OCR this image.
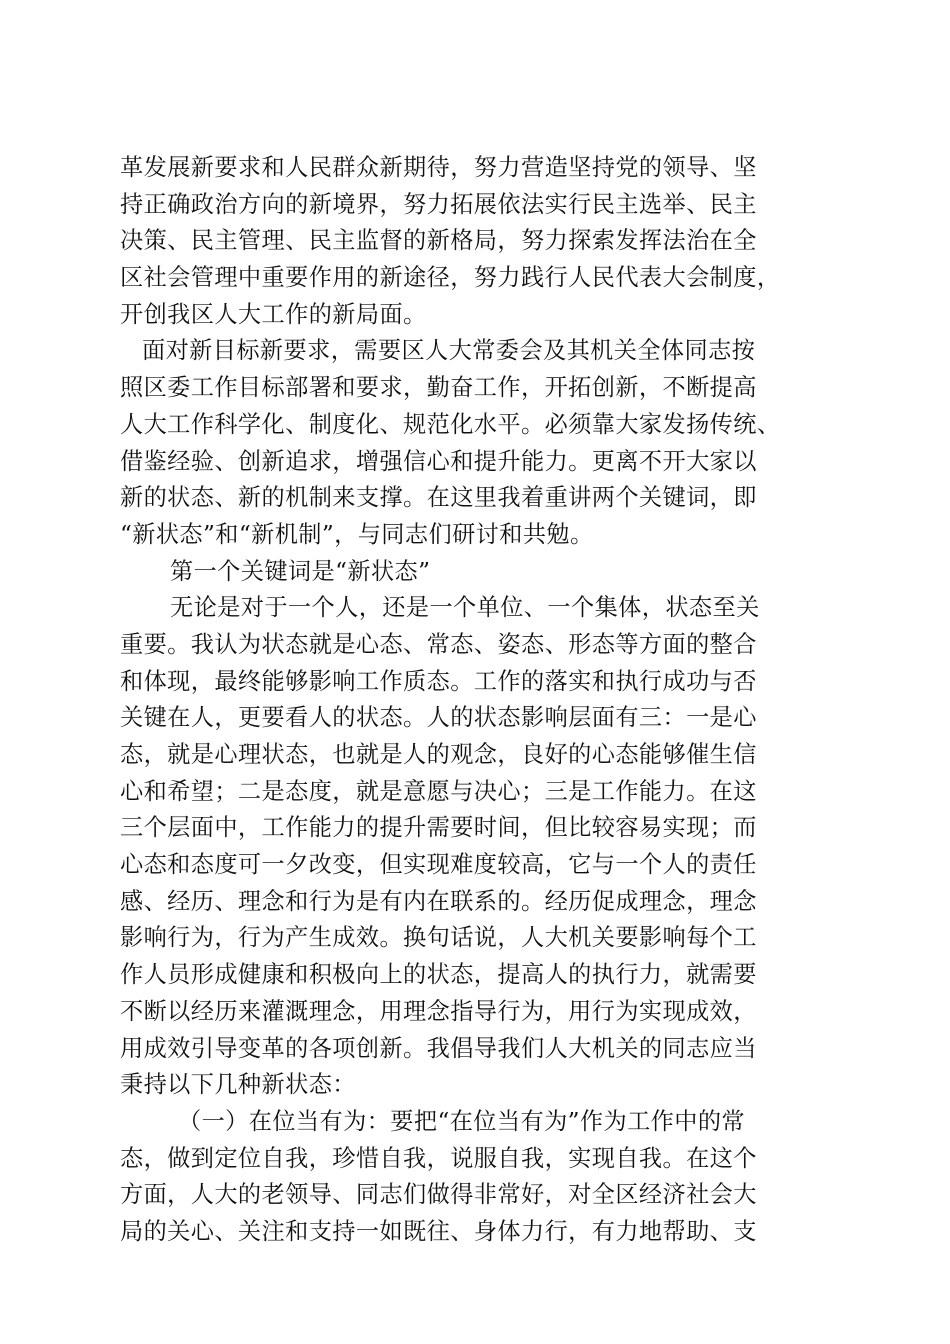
革发展新要求和人民群众新期待，努力营造坚持党的领导、坚
持正确政治方向的新境界，努力拓展依法实行民主选举、民主
决策、民主管理、民主监督的新格局，努力探索发挥法治在全
区社会管理中重要作用的新途径，努力践行人民代表大会制度，
开创我区人大工作的新局面。
面对新目标新要求，需要区人大常委会及其机关全体同志按
照区委工作目标部署和要求，勤奋工作，开拓创新，不断提高
人大工作科学化、制度化、规范化水平。必须靠大家发扬传统、
借鉴经验、创新追求，增强信心和提升能力。更离不开大家以
新的状态、新的机制来支撑。在这里我着重讲两个关键词，即
“新状态”和“新机制”，与同志们研讨和共勉。
第一个关键词是“新状态”
无论是对于一个人，还是一个单位、一个集体，状态至关
重要。我认为状态就是心态、常态、姿态、形态等方面的整合
和体现，最终能够影响工作质态。工作的落实和执行成功与否
关键在人，更要看人的状态。人的状态影响层面有三：一是心
态，就是心理状态，也就是人的观念，良好的心态能够催生信
心和希望；二是态度，就是意愿与决心；三是工作能力。在这
三个层面中，工作能力的提升需要时间，但比较容易实现；而
心态和态度可一夕改变，但实现难度较高，它与一个人的责任
感、经历、理念和行为是有内在联系的。经历促成理念，理念
影响行为，行为产生成效。换句话说，人大机关要影响每个工
作人员形成健康和积极向上的状态，提高人的执行力，就需要
不断以经历来灌溉理念，用理念指导行为，用行为实现成效，
用成效引导变革的各项创新。我倡导我们人大机关的同志应当
秉持以下几种新状态：
（一）在位当有为：要把“在位当有为”作为工作中的常
态，做到定位自我，珍惜自我，说服自我，实现自我。在这个
方面，人大的老领导、同志们做得非常好，对全区经济社会大
局的关心、关注和支持一如既往、身体力行，有力地帮助、支
